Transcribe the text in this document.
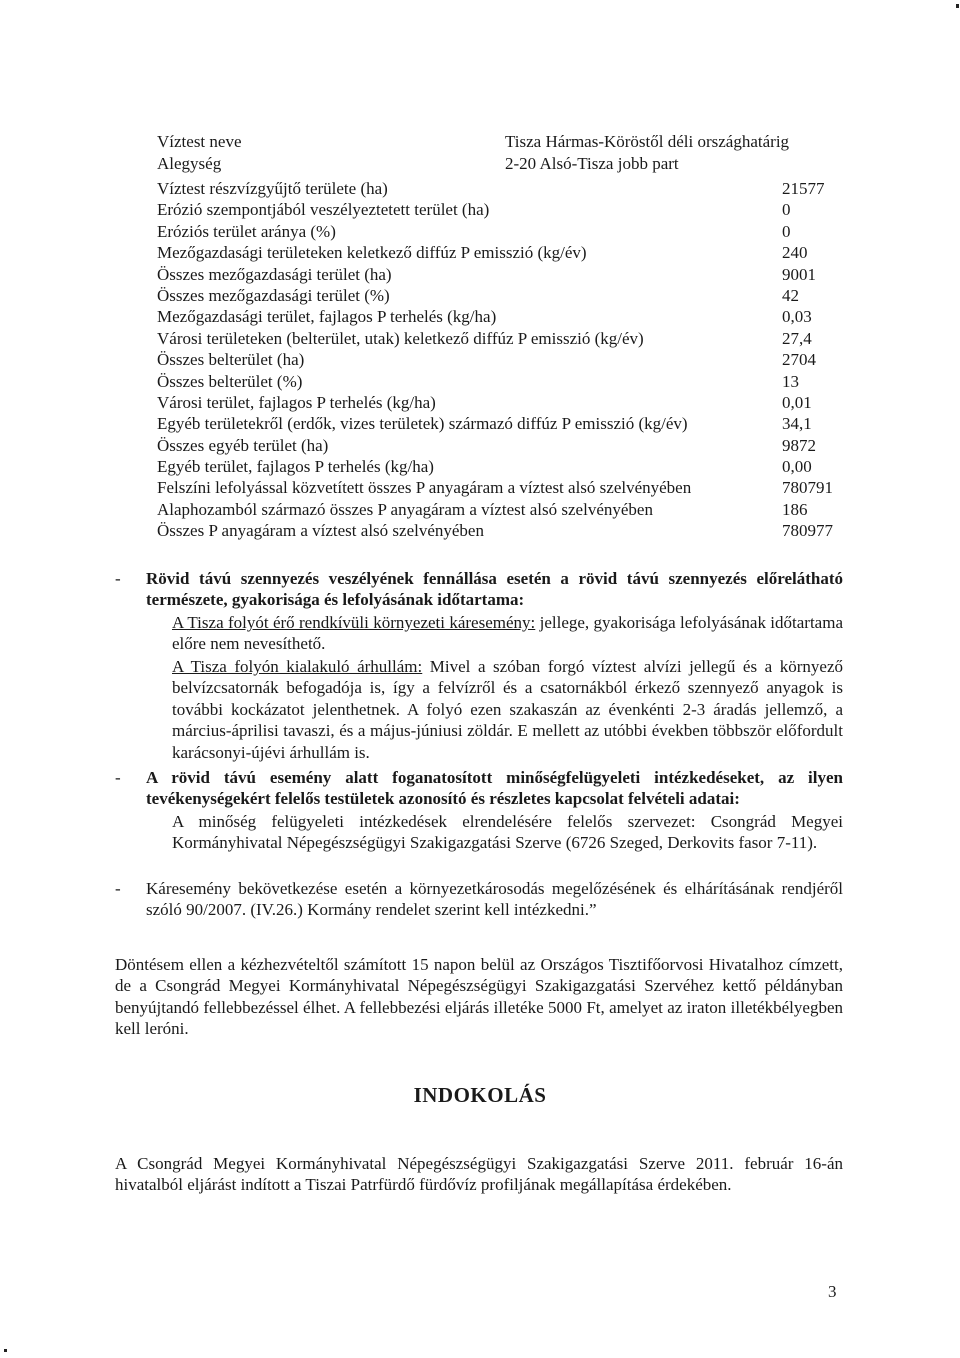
Víztest neve	Tisza Hármas-Köröstől déli országhatárig
Alegység	2-20 Alsó-Tisza jobb part
Víztest részvízgyűjtő területe (ha)	21577
Erózió szempontjából veszélyeztetett terület (ha)	0
Eróziós terület aránya (%)	0
Mezőgazdasági területeken keletkező diffúz P emisszió (kg/év)	240
Összes mezőgazdasági terület (ha)	9001
Összes mezőgazdasági terület (%)	42
Mezőgazdasági terület, fajlagos P terhelés (kg/ha)	0,03
Városi területeken (belterület, utak) keletkező diffúz P emisszió (kg/év)	27,4
Összes belterület (ha)	2704
Összes belterület (%)	13
Városi terület, fajlagos P terhelés (kg/ha)	0,01
Egyéb területekről (erdők, vizes területek) származó diffúz P emisszió (kg/év)	34,1
Összes egyéb terület (ha)	9872
Egyéb terület, fajlagos P terhelés (kg/ha)	0,00
Felszíni lefolyással közvetített összes P anyagáram a víztest alsó szelvényében	780791
Alaphozamból származó összes P anyagáram a víztest alsó szelvényében	186
Összes P anyagáram a víztest alsó szelvényében	780977
- Rövid távú szennyezés veszélyének fennállása esetén a rövid távú szennyezés előrelátható természete, gyakorisága és lefolyásának időtartama:
A Tisza folyót érő rendkívüli környezeti káresemény: jellege, gyakorisága lefolyásának időtartama előre nem nevesíthető.
A Tisza folyón kialakuló árhullám: Mivel a szóban forgó víztest alvízi jellegű és a környező belvízcsatornák befogadója is, így a felvízről és a csatornákból érkező szennyező anyagok is további kockázatot jelenthetnek. A folyó ezen szakaszán az évenkénti 2-3 áradás jellemző, a március-áprilisi tavaszi, és a május-júniusi zöldár. E mellett az utóbbi években többször előfordult karácsonyi-újévi árhullám is.
- A rövid távú esemény alatt foganatosított minőségfelügyeleti intézkedéseket, az ilyen tevékenységekért felelős testületek azonosító és részletes kapcsolat felvételi adatai:
A minőség felügyeleti intézkedések elrendelésére felelős szervezet: Csongrád Megyei Kormányhivatal Népegészségügyi Szakigazgatási Szerve (6726 Szeged, Derkovits fasor 7-11).
- Káresemény bekövetkezése esetén a környezetkárosodás megelőzésének és elhárításának rendjéről szóló 90/2007. (IV.26.) Kormány rendelet szerint kell intézkedni.”
Döntésem ellen a kézhezvételtől számított 15 napon belül az Országos Tisztifőorvosi Hivatalhoz címzett, de a Csongrád Megyei Kormányhivatal Népegészségügyi Szakigazgatási Szervéhez kettő példányban benyújtandó fellebbezéssel élhet. A fellebbezési eljárás illetéke 5000 Ft, amelyet az iraton illetékbélyegben kell leróni.
INDOKOLÁS
A Csongrád Megyei Kormányhivatal Népegészségügyi Szakigazgatási Szerve 2011. február 16-án hivatalból eljárást indított a Tiszai Patrfürdő fürdővíz profiljának megállapítása érdekében.
3
